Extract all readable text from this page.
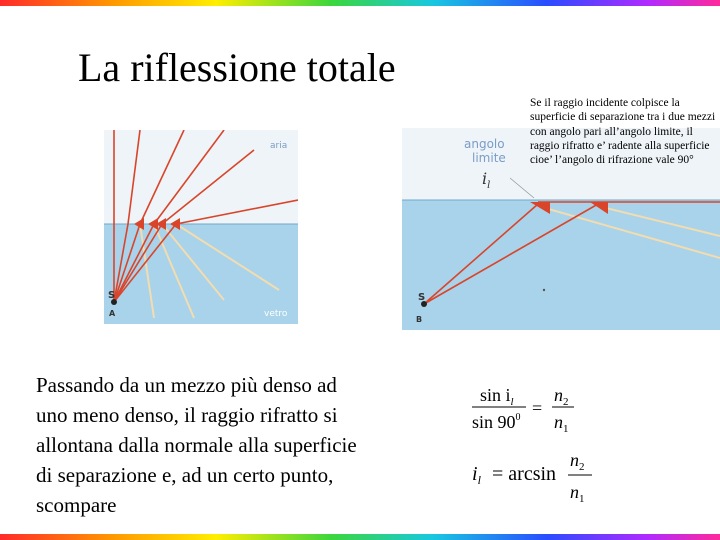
La riflessione totale
S
A
aria
vetro
S
B
angolo
limite
$i_l$
Se il raggio incidente colpisce la
superficie di separazione tra i due mezzi
con angolo pari all’angolo limite, il
raggio rifratto e’ radente alla superficie
cioe’ l’angolo di rifrazione vale 90°
Passando da un mezzo più denso ad
uno meno denso, il raggio rifratto si
allontana dalla normale alla superficie
di separazione e, ad un certo punto,
scompare
$\sin i_l$
$\sin 90^0$ =
$n_2$
$n_1$
$i_l = \arcsin$
$n_2$
$n_1$
